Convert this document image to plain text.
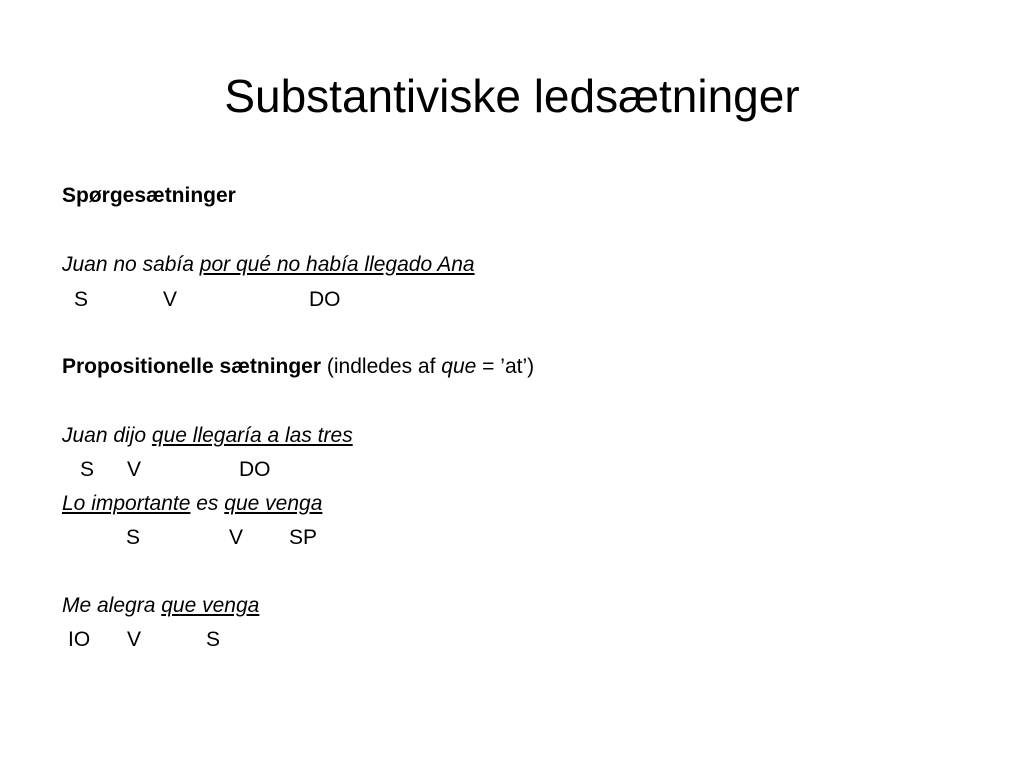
Substantiviske ledsætninger
Spørgesætninger
Juan no sabía por qué no había llegado Ana

S

	V

	DO

Propositionelle sætninger (indledes af que = ’at’)
Juan dijo que llegaría a las tres

S

V

	DO

Lo importante es que venga

S

	V

SP

Me alegra que venga

IO

V

	S
